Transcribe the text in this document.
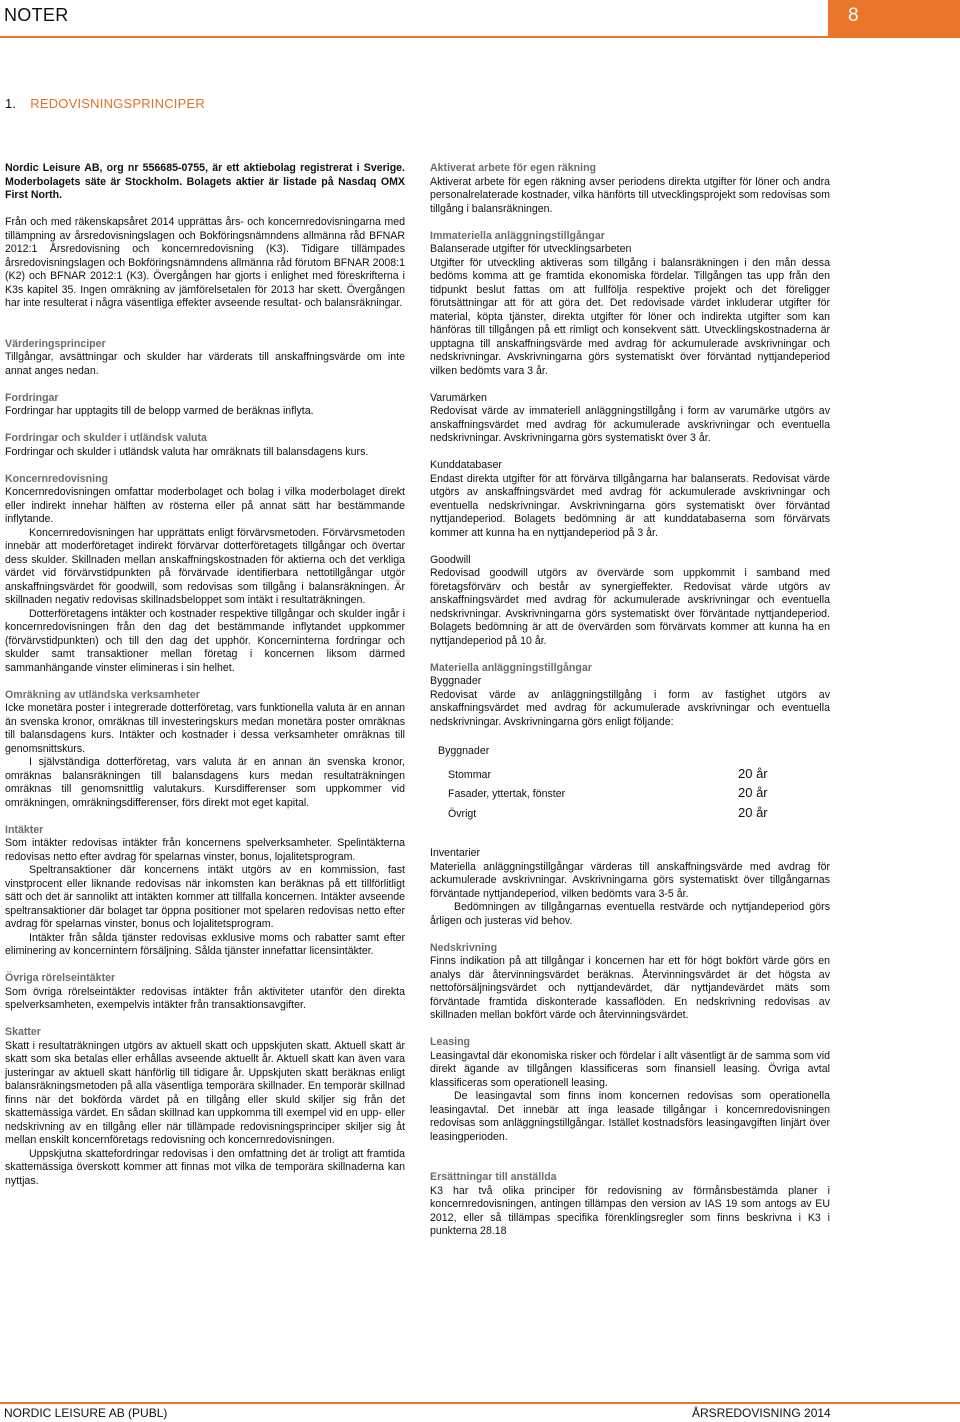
NOTER	8
1. REDOVISNINGSPRINCIPER

Nordic Leisure AB, org nr 556685-0755, är ett aktiebolag registrerat i Sverige. Moderbolagets säte är Stockholm. Bolagets aktier är listade på Nasdaq OMX First North.

Från och med räkenskapsåret 2014 upprättas års- och koncernredovisningarna med tillämpning av årsredovisningslagen och Bokföringsnämndens allmänna råd BFNAR 2012:1 Årsredovisning och koncernredovisning (K3). Tidigare tillämpades årsredovisningslagen och Bokföringsnämndens allmänna råd förutom BFNAR 2008:1 (K2) och BFNAR 2012:1 (K3). Övergången har gjorts i enlighet med föreskrifterna i K3s kapitel 35. Ingen omräkning av jämförelsetalen för 2013 har skett. Övergången har inte resulterat i några väsentliga effekter avseende resultat- och balansräkningar.

Värderingsprinciper

Tillgångar, avsättningar och skulder har värderats till anskaffningsvärde om inte annat anges nedan.

Fordringar

Fordringar har upptagits till de belopp varmed de beräknas inflyta.

Fordringar och skulder i utländsk valuta

Fordringar och skulder i utländsk valuta har omräknats till balansdagens kurs.

Koncernredovisning

Koncernredovisningen omfattar moderbolaget och bolag i vilka moderbolaget direkt eller indirekt innehar hälften av rösterna eller på annat sätt har bestämmande inflytande.

Koncernredovisningen har upprättats enligt förvärvsmetoden. Förvärvsmetoden innebär att moderföretaget indirekt förvärvar dotterföretagets tillgångar och övertar dess skulder. Skillnaden mellan anskaffningskostnaden för aktierna och det verkliga värdet vid förvärvstidpunkten på förvärvade identifierbara nettotillgångar utgör anskaffningsvärdet för goodwill, som redovisas som tillgång i balansräkningen. Är skillnaden negativ redovisas skillnadsbeloppet som intäkt i resultaträkningen.

Dotterföretagens intäkter och kostnader respektive tillgångar och skulder ingår i koncernredovisningen från den dag det bestämmande inflytandet uppkommer (förvärvstidpunkten) och till den dag det upphör. Koncerninterna fordringar och skulder samt transaktioner mellan företag i koncernen liksom därmed sammanhängande vinster elimineras i sin helhet.

Omräkning av utländska verksamheter

Icke monetära poster i integrerade dotterföretag, vars funktionella valuta är en annan än svenska kronor, omräknas till investeringskurs medan monetära poster omräknas till balansdagens kurs. Intäkter och kostnader i dessa verksamheter omräknas till genomsnittskurs.

I självständiga dotterföretag, vars valuta är en annan än svenska kronor, omräknas balansräkningen till balansdagens kurs medan resultaträkningen omräknas till genomsnittlig valutakurs. Kursdifferenser som uppkommer vid omräkningen, omräkningsdifferenser, förs direkt mot eget kapital.

Intäkter

Som intäkter redovisas intäkter från koncernens spelverksamheter. Spelintäkterna redovisas netto efter avdrag för spelarnas vinster, bonus, lojalitetsprogram.

Speltransaktioner där koncernens intäkt utgörs av en kommission, fast vinstprocent eller liknande redovisas när inkomsten kan beräknas på ett tillförlitligt sätt och det är sannolikt att intäkten kommer att tillfalla koncernen. Intäkter avseende speltransaktioner där bolaget tar öppna positioner mot spelaren redovisas netto efter avdrag för spelarnas vinster, bonus och lojalitetsprogram.

Intäkter från sålda tjänster redovisas exklusive moms och rabatter samt efter eliminering av koncernintern försäljning. Sålda tjänster innefattar licensintäkter.

Övriga rörelseintäkter

Som övriga rörelseintäkter redovisas intäkter från aktiviteter utanför den direkta spelverksamheten, exempelvis intäkter från transaktionsavgifter.

Skatter

Skatt i resultaträkningen utgörs av aktuell skatt och uppskjuten skatt. Aktuell skatt är skatt som ska betalas eller erhållas avseende aktuellt år. Aktuell skatt kan även vara justeringar av aktuell skatt hänförlig till tidigare år. Uppskjuten skatt beräknas enligt balansräkningsmetoden på alla väsentliga temporära skillnader. En temporär skillnad finns när det bokförda värdet på en tillgång eller skuld skiljer sig från det skattemässiga värdet. En sådan skillnad kan uppkomma till exempel vid en upp- eller nedskrivning av en tillgång eller när tillämpade redovisningsprinciper skiljer sig åt mellan enskilt koncernföretags redovisning och koncernredovisningen.

Uppskjutna skattefordringar redovisas i den omfattning det är troligt att framtida skattemässiga överskott kommer att finnas mot vilka de temporära skillnaderna kan nyttjas.

Aktiverat arbete för egen räkning

Aktiverat arbete för egen räkning avser periodens direkta utgifter för löner och andra personalrelaterade kostnader, vilka hänförts till utvecklingsprojekt som redovisas som tillgång i balansräkningen.

Immateriella anläggningstillgångar

Balanserade utgifter för utvecklingsarbeten

Utgifter för utveckling aktiveras som tillgång i balansräkningen i den mån dessa bedöms komma att ge framtida ekonomiska fördelar. Tillgången tas upp från den tidpunkt beslut fattas om att fullfölja respektive projekt och det föreligger förutsättningar att för att göra det. Det redovisade värdet inkluderar utgifter för material, köpta tjänster, direkta utgifter för löner och indirekta utgifter som kan hänföras till tillgången på ett rimligt och konsekvent sätt. Utvecklingskostnaderna är upptagna till anskaffningsvärde med avdrag för ackumulerade avskrivningar och nedskrivningar. Avskrivningarna görs systematiskt över förväntad nyttjandeperiod vilken bedömts vara 3 år.

Varumärken

Redovisat värde av immateriell anläggningstillgång i form av varumärke utgörs av anskaffningsvärdet med avdrag för ackumulerade avskrivningar och eventuella nedskrivningar. Avskrivningarna görs systematiskt över 3 år.

Kunddatabaser

Endast direkta utgifter för att förvärva tillgångarna har balanserats. Redovisat värde utgörs av anskaffningsvärdet med avdrag för ackumulerade avskrivningar och eventuella nedskrivningar. Avskrivningarna görs systematiskt över förväntad nyttjandeperiod. Bolagets bedömning är att kunddatabaserna som förvärvats kommer att kunna ha en nyttjandeperiod på 3 år.

Goodwill

Redovisad goodwill utgörs av övervärde som uppkommit i samband med företagsförvärv och består av synergieffekter. Redovisat värde utgörs av anskaffningsvärdet med avdrag för ackumulerade avskrivningar och eventuella nedskrivningar. Avskrivningarna görs systematiskt över förväntade nyttjandeperiod. Bolagets bedömning är att de övervärden som förvärvats kommer att kunna ha en nyttjandeperiod på 10 år.

Materiella anläggningstillgångar

Byggnader

Redovisat värde av anläggningstillgång i form av fastighet utgörs av anskaffningsvärdet med avdrag för ackumulerade avskrivningar och eventuella nedskrivningar. Avskrivningarna görs enligt följande:

Byggnader
Stommar	20 år
Fasader, yttertak, fönster	20 år
Övrigt	20 år

Inventarier

Materiella anläggningstillgångar värderas till anskaffningsvärde med avdrag för ackumulerade avskrivningar. Avskrivningarna görs systematiskt över tillgångarnas förväntade nyttjandeperiod, vilken bedömts vara 3-5 år.

Bedömningen av tillgångarnas eventuella restvärde och nyttjandeperiod görs årligen och justeras vid behov.

Nedskrivning

Finns indikation på att tillgångar i koncernen har ett för högt bokfört värde görs en analys där återvinningsvärdet beräknas. Återvinningsvärdet är det högsta av nettoförsäljningsvärdet och nyttjandevärdet, där nyttjandevärdet mäts som förväntade framtida diskonterade kassaflöden. En nedskrivning redovisas av skillnaden mellan bokfört värde och återvinningsvärdet.

Leasing

Leasingavtal där ekonomiska risker och fördelar i allt väsentligt är de samma som vid direkt ägande av tillgången klassificeras som finansiell leasing. Övriga avtal klassificeras som operationell leasing.

De leasingavtal som finns inom koncernen redovisas som operationella leasingavtal. Det innebär att inga leasade tillgångar i koncernredovisningen redovisas som anläggningstillgångar. Istället kostnadsförs leasingavgiften linjärt över leasingperioden.

Ersättningar till anställda

K3 har två olika principer för redovisning av förmånsbestämda planer i koncernredovisningen, antingen tillämpas den version av IAS 19 som antogs av EU 2012, eller så tillämpas specifika förenklingsregler som finns beskrivna i K3 i punkterna 28.18

NORDIC LEISURE AB (PUBL)	ÅRSREDOVISNING 2014
